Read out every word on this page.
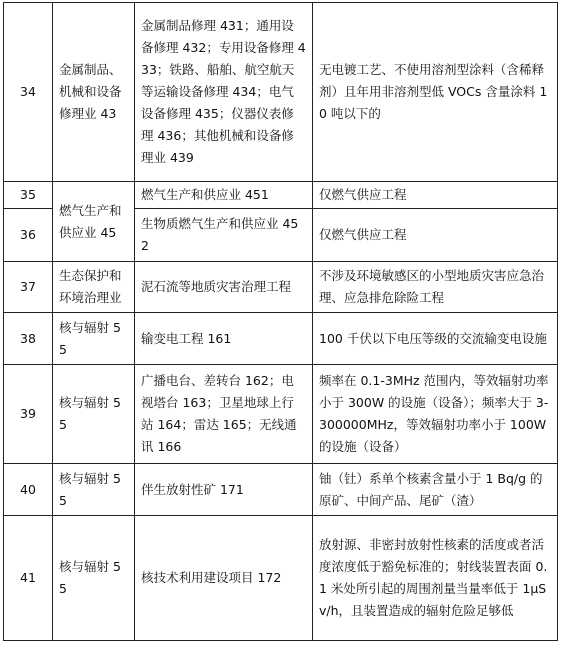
34	金属制品、机械和设备修理业 43	金属制品修理 431；通用设备修理 432；专用设备修理 433；铁路、船舶、航空航天等运输设备修理 434；电气设备修理 435；仪器仪表修理 436；其他机械和设备修理业 439	无电镀工艺、不使用溶剂型涂料（含稀释剂）且年用非溶剂型低 VOCs 含量涂料 10 吨以下的
35	燃气生产和供应业 45	燃气生产和供应业 451	仅燃气供应工程
36		生物质燃气生产和供应业 452	仅燃气供应工程
37	生态保护和环境治理业	泥石流等地质灾害治理工程	不涉及环境敏感区的小型地质灾害应急治理、应急排危除险工程
38	核与辐射 55	输变电工程 161	100 千伏以下电压等级的交流输变电设施
39	核与辐射 55	广播电台、差转台 162；电视塔台 163；卫星地球上行站 164；雷达 165；无线通讯 166	频率在 0.1-3MHz 范围内，等效辐射功率小于 300W 的设施（设备）；频率大于 3-300000MHz，等效辐射功率小于 100W 的设施（设备）
40	核与辐射 55	伴生放射性矿 171	铀（钍）系单个核素含量小于 1 Bq/g 的原矿、中间产品、尾矿（渣）
41	核与辐射 55	核技术利用建设项目 172	放射源、非密封放射性核素的活度或者活度浓度低于豁免标准的；射线装置表面 0.1 米处所引起的周围剂量当量率低于 1μSv/h，且装置造成的辐射危险足够低
